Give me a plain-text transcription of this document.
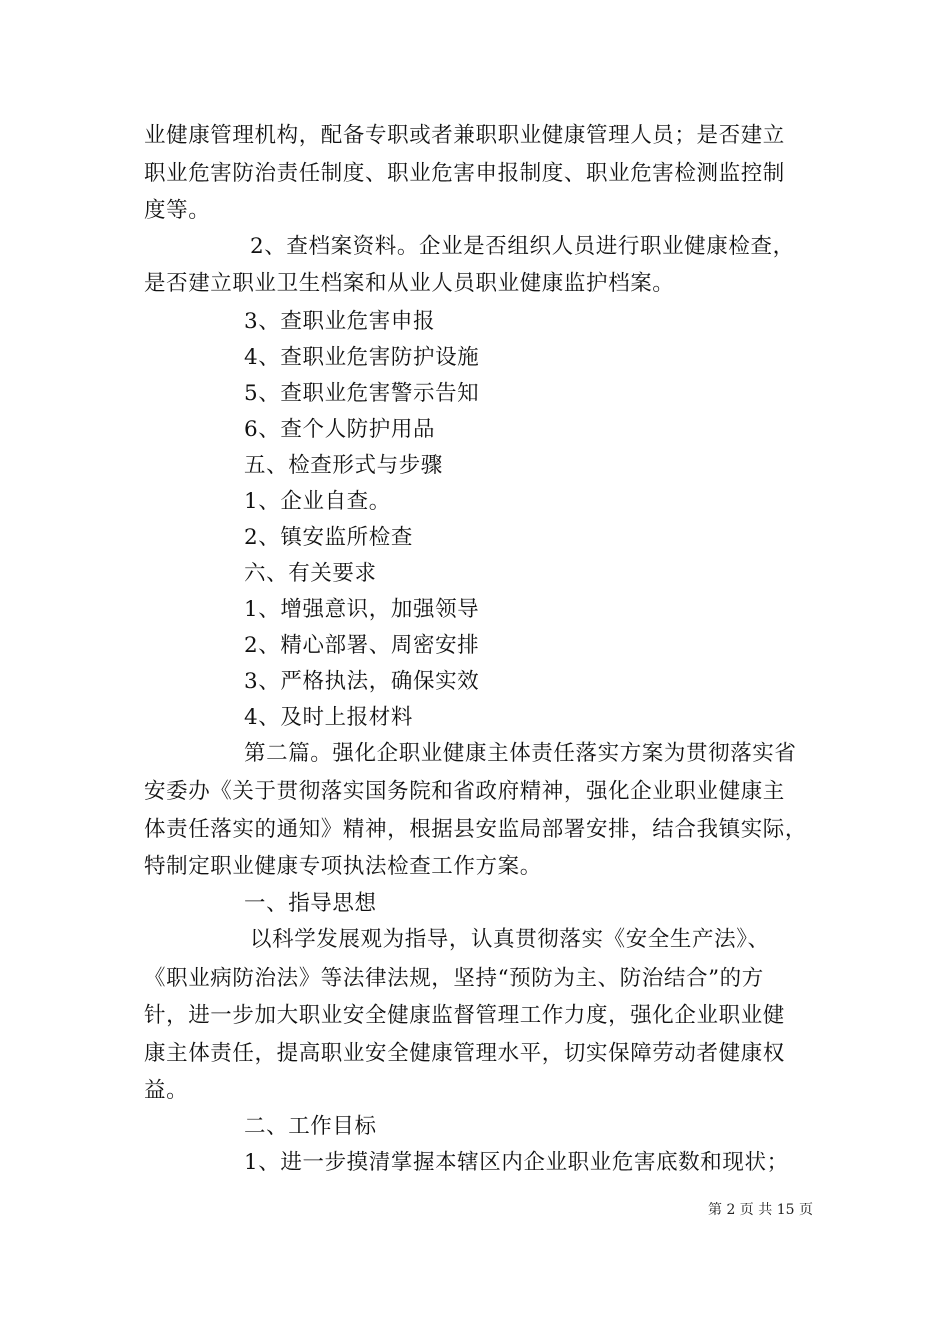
业健康管理机构，配备专职或者兼职职业健康管理人员；是否建立
职业危害防治责任制度、职业危害申报制度、职业危害检测监控制
度等。
2、查档案资料。企业是否组织人员进行职业健康检查，
是否建立职业卫生档案和从业人员职业健康监护档案。
3、查职业危害申报
4、查职业危害防护设施
5、查职业危害警示告知
6、查个人防护用品
五、检查形式与步骤
1、企业自查。
2、镇安监所检查
六、有关要求
1、增强意识，加强领导
2、精心部署、周密安排
3、严格执法，确保实效
4、及时上报材料
第二篇。强化企职业健康主体责任落实方案为贯彻落实省
安委办《关于贯彻落实国务院和省政府精神，强化企业职业健康主
体责任落实的通知》精神，根据县安监局部署安排，结合我镇实际，
特制定职业健康专项执法检查工作方案。
一、指导思想
以科学发展观为指导，认真贯彻落实《安全生产法》、
《职业病防治法》等法律法规，坚持“预防为主、防治结合”的方
针，进一步加大职业安全健康监督管理工作力度，强化企业职业健
康主体责任，提高职业安全健康管理水平，切实保障劳动者健康权
益。
二、工作目标
1、进一步摸清掌握本辖区内企业职业危害底数和现状；
第 2 页 共 15 页
